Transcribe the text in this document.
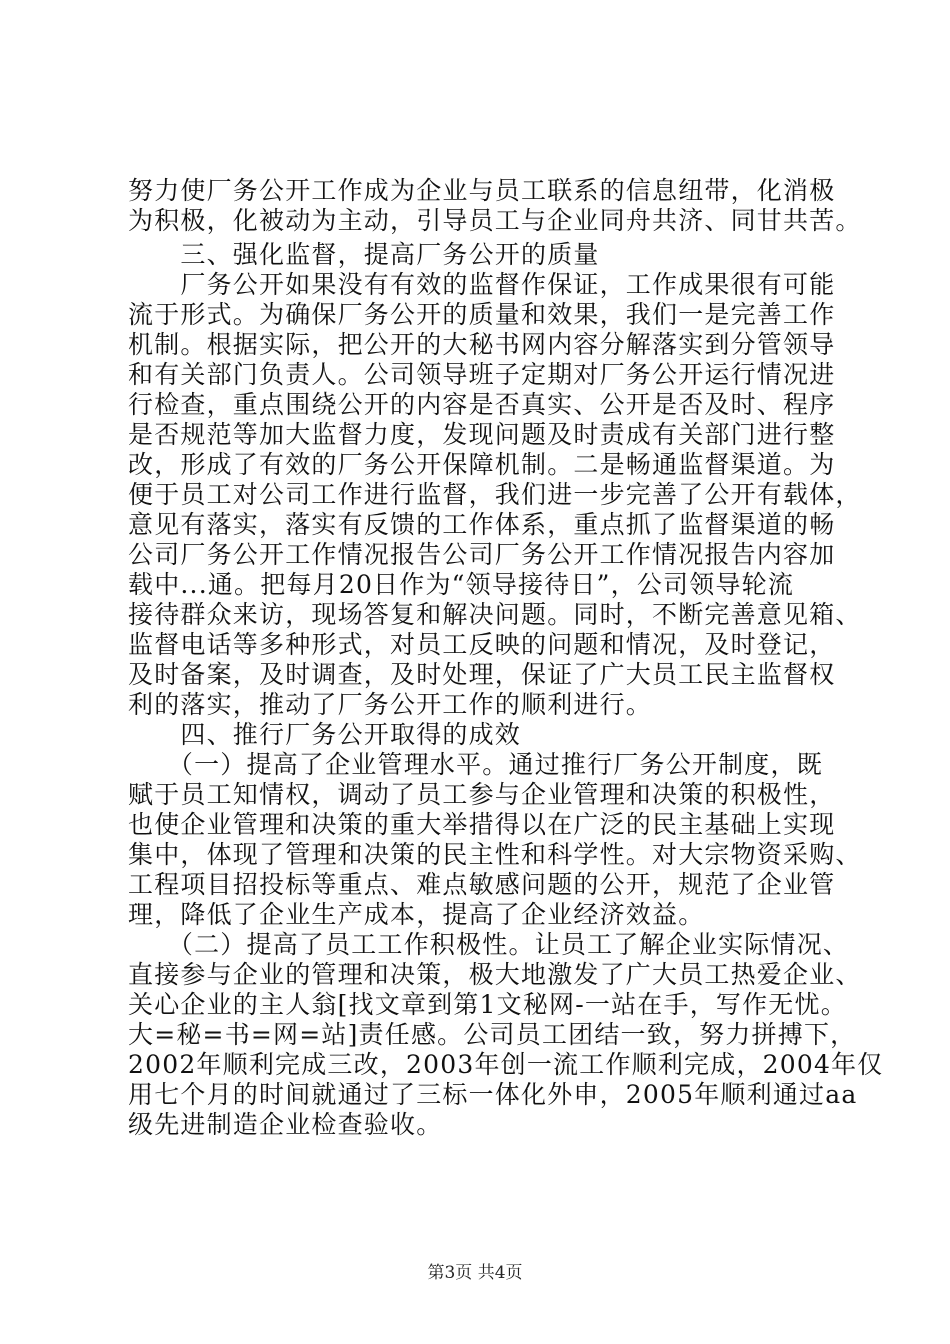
努力使厂务公开工作成为企业与员工联系的信息纽带，化消极
为积极，化被动为主动，引导员工与企业同舟共济、同甘共苦。
　　三、强化监督，提高厂务公开的质量
　　厂务公开如果没有有效的监督作保证，工作成果很有可能
流于形式。为确保厂务公开的质量和效果，我们一是完善工作
机制。根据实际，把公开的大秘书网内容分解落实到分管领导
和有关部门负责人。公司领导班子定期对厂务公开运行情况进
行检查，重点围绕公开的内容是否真实、公开是否及时、程序
是否规范等加大监督力度，发现问题及时责成有关部门进行整
改，形成了有效的厂务公开保障机制。二是畅通监督渠道。为
便于员工对公司工作进行监督，我们进一步完善了公开有载体，
意见有落实，落实有反馈的工作体系，重点抓了监督渠道的畅
公司厂务公开工作情况报告公司厂务公开工作情况报告内容加
载中...通。把每月20日作为“领导接待日”，公司领导轮流
接待群众来访，现场答复和解决问题。同时，不断完善意见箱、
监督电话等多种形式，对员工反映的问题和情况，及时登记，
及时备案，及时调查，及时处理，保证了广大员工民主监督权
利的落实，推动了厂务公开工作的顺利进行。
　　四、推行厂务公开取得的成效
　　（一）提高了企业管理水平。通过推行厂务公开制度，既
赋于员工知情权，调动了员工参与企业管理和决策的积极性，
也使企业管理和决策的重大举措得以在广泛的民主基础上实现
集中，体现了管理和决策的民主性和科学性。对大宗物资采购、
工程项目招投标等重点、难点敏感问题的公开，规范了企业管
理，降低了企业生产成本，提高了企业经济效益。
　　（二）提高了员工工作积极性。让员工了解企业实际情况、
直接参与企业的管理和决策，极大地激发了广大员工热爱企业、
关心企业的主人翁[找文章到第1文秘网-一站在手，写作无忧。
大=秘=书=网=站]责任感。公司员工团结一致，努力拼搏下，
2002年顺利完成三改，2003年创一流工作顺利完成，2004年仅
用七个月的时间就通过了三标一体化外申，2005年顺利通过aa
级先进制造企业检查验收。
第3页 共4页
